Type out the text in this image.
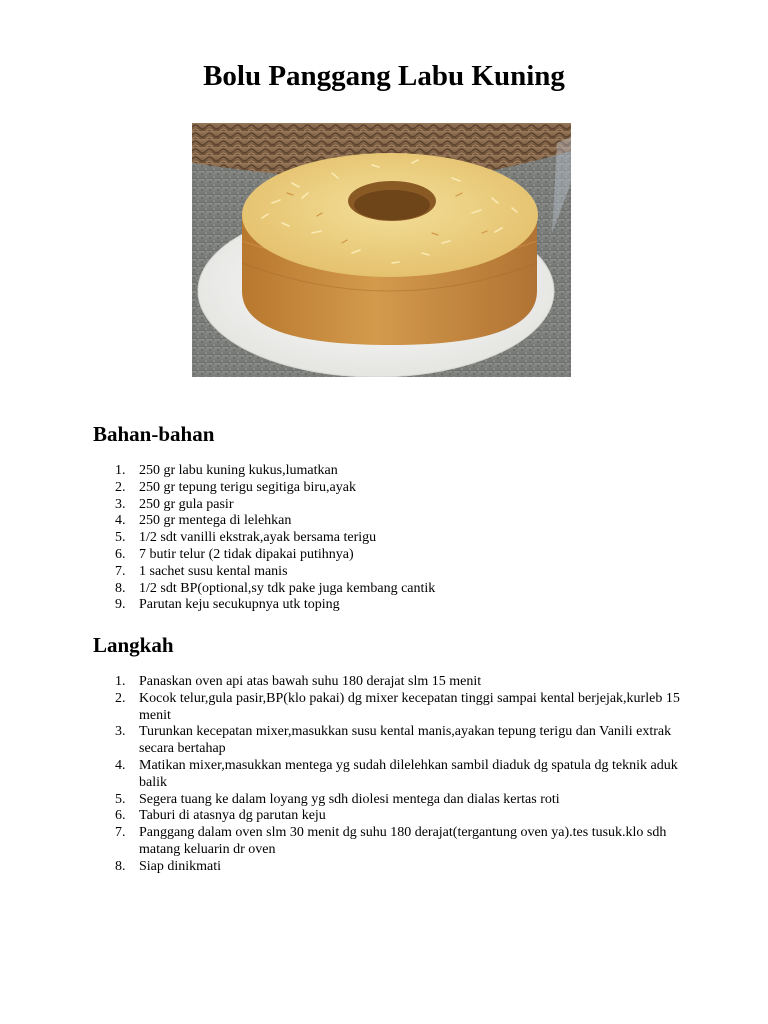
Bolu Panggang Labu Kuning
Bahan-bahan
1. 250 gr labu kuning kukus,lumatkan
2. 250 gr tepung terigu segitiga biru,ayak
3. 250 gr gula pasir
4. 250 gr mentega di lelehkan
5. 1/2 sdt vanilli ekstrak,ayak bersama terigu
6. 7 butir telur (2 tidak dipakai putihnya)
7. 1 sachet susu kental manis
8. 1/2 sdt BP(optional,sy tdk pake juga kembang cantik
9. Parutan keju secukupnya utk toping
Langkah
1. Panaskan oven api atas bawah suhu 180 derajat slm 15 menit
2. Kocok telur,gula pasir,BP(klo pakai) dg mixer kecepatan tinggi sampai kental berjejak,kurleb 15 menit
3. Turunkan kecepatan mixer,masukkan susu kental manis,ayakan tepung terigu dan Vanili extrak secara bertahap
4. Matikan mixer,masukkan mentega yg sudah dilelehkan sambil diaduk dg spatula dg teknik aduk balik
5. Segera tuang ke dalam loyang yg sdh diolesi mentega dan dialas kertas roti
6. Taburi di atasnya dg parutan keju
7. Panggang dalam oven slm 30 menit dg suhu 180 derajat(tergantung oven ya).tes tusuk.klo sdh matang keluarin dr oven
8. Siap dinikmati
